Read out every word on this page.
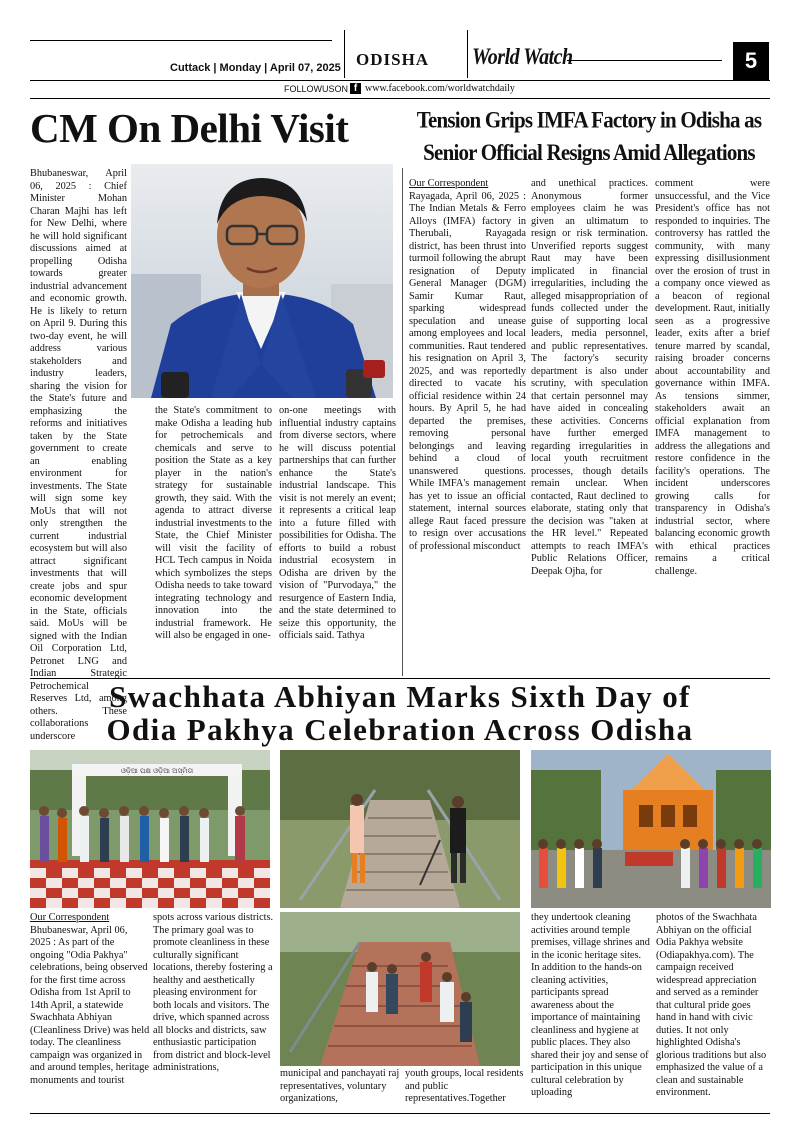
Cuttack | Monday | April 07, 2025 ODISHA World Watch	5
FOLLOWUSON f www.facebook.com/worldwatchdaily
CM On Delhi Visit

Bhubaneswar, April 06, 2025 : Chief Minister Mohan Charan Majhi has left for New Delhi, where he will hold significant discussions aimed at propelling Odisha towards greater industrial advancement and economic growth. He is likely to return on April 9. During this two-day event, he will address various stakeholders and industry leaders, sharing the vision for the State's future and emphasizing the reforms and initiatives taken by the State government to create an enabling environment for investments. The State will sign some key MoUs that will not only strengthen the current industrial ecosystem but will also attract significant investments that will create jobs and spur economic development in the State, officials said. MoUs will be signed with the Indian Oil Corporation Ltd, Petronet LNG and Indian Strategic Petrochemical Reserves Ltd, among others. These collaborations underscore

the State's commitment to make Odisha a leading hub for petrochemicals and chemicals and serve to position the State as a key player in the nation's strategy for sustainable growth, they said. With the agenda to attract diverse industrial investments to the State, the Chief Minister will visit the facility of HCL Tech campus in Noida which symbolizes the steps Odisha needs to take toward integrating technology and innovation into the industrial framework. He will also be engaged in one-

on-one meetings with influential industry captains from diverse sectors, where he will discuss potential partnerships that can further enhance the State's industrial landscape. This visit is not merely an event; it represents a critical leap into a future filled with possibilities for Odisha. The efforts to build a robust industrial ecosystem in Odisha are driven by the vision of "Purvodaya," the resurgence of Eastern India, and the state determined to seize this opportunity, the officials said. Tathya

Tension Grips IMFA Factory in Odisha as Senior Official Resigns Amid Allegations
Our Correspondent

Rayagada, April 06, 2025 : The Indian Metals & Ferro Alloys (IMFA) factory in Therubali, Rayagada district, has been thrust into turmoil following the abrupt resignation of Deputy General Manager (DGM) Samir Kumar Raut, sparking widespread speculation and unease among employees and local communities. Raut tendered his resignation on April 3, 2025, and was reportedly directed to vacate his official residence within 24 hours. By April 5, he had departed the premises, removing personal belongings and leaving behind a cloud of unanswered questions. While IMFA's management has yet to issue an official statement, internal sources allege Raut faced pressure to resign over accusations of professional misconduct

and unethical practices. Anonymous former employees claim he was given an ultimatum to resign or risk termination. Unverified reports suggest Raut may have been implicated in financial irregularities, including the alleged misappropriation of funds collected under the guise of supporting local leaders, media personnel, and public representatives. The factory's security department is also under scrutiny, with speculation that certain personnel may have aided in concealing these activities. Concerns have further emerged regarding irregularities in local youth recruitment processes, though details remain unclear. When contacted, Raut declined to elaborate, stating only that the decision was "taken at the HR level." Repeated attempts to reach IMFA's Public Relations Officer, Deepak Ojha, for

comment were unsuccessful, and the Vice President's office has not responded to inquiries. The controversy has rattled the community, with many expressing disillusionment over the erosion of trust in a company once viewed as a beacon of regional development. Raut, initially seen as a progressive leader, exits after a brief tenure marred by scandal, raising broader concerns about accountability and governance within IMFA. As tensions simmer, stakeholders await an official explanation from IMFA management to address the allegations and restore confidence in the facility's operations. The incident underscores growing calls for transparency in Odisha's industrial sector, where balancing economic growth with ethical practices remains a critical challenge.

Swachhata Abhiyan Marks Sixth Day of
Odia Pakhya Celebration Across Odisha
ଓଡ଼ିଆ ପକ୍ଷ ଓଡ଼ିଆ ଅସ୍ମିତା
Our Correspondent

Bhubaneswar, April 06, 2025 : As part of the ongoing "Odia Pakhya" celebrations, being observed for the first time across Odisha from 1st April to 14th April, a statewide Swachhata Abhiyan (Cleanliness Drive) was held today. The cleanliness campaign was organized in and around temples, heritage monuments and tourist

spots across various districts. The primary goal was to promote cleanliness in these culturally significant locations, thereby fostering a healthy and aesthetically pleasing environment for both locals and visitors. The drive, which spanned across all blocks and districts, saw enthusiastic participation from district and block-level administrations,

municipal and panchayati raj representatives, voluntary organizations,

youth groups, local residents and public representatives.Together

they undertook cleaning activities around temple premises, village shrines and in the iconic heritage sites. In addition to the hands-on cleaning activities, participants spread awareness about the importance of maintaining cleanliness and hygiene at public places. They also shared their joy and sense of participation in this unique cultural celebration by uploading

photos of the Swachhata Abhiyan on the official Odia Pakhya website (Odiapakhya.com). The campaign received widespread appreciation and served as a reminder that cultural pride goes hand in hand with civic duties. It not only highlighted Odisha's glorious traditions but also emphasized the value of a clean and sustainable environment.
